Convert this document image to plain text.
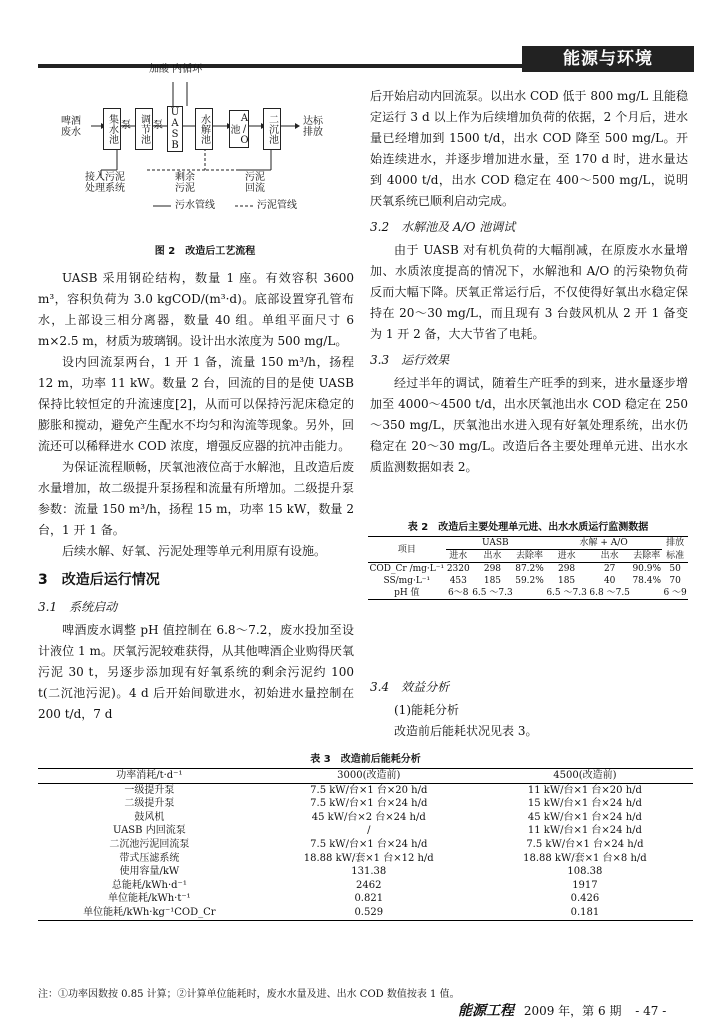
能源与环境
啤酒
废水
加酸 内循环
集水池 泵 调节池 泵 UASB	水解池	A/O池	二沉池	达标
排放
接入污泥
处理系统
剩余
污泥
污泥
回流
污水管线	污泥管线
图 2　改造后工艺流程

UASB 采用钢砼结构，数量 1 座。有效容积 3600 m³，容积负荷为 3.0 kgCOD/(m³·d)。底部设置穿孔管布水，上部设三相分离器，数量 40 组。单组平面尺寸 6 m×2.5 m，材质为玻璃钢。设计出水浓度为 500 mg/L。

设内回流泵两台，1 开 1 备，流量 150 m³/h，扬程 12 m，功率 11 kW。数量 2 台，回流的目的是使 UASB 保持比较恒定的升流速度[2]，从而可以保持污泥床稳定的膨胀和搅动，避免产生配水不均匀和沟流等现象。另外，回流还可以稀释进水 COD 浓度，增强反应器的抗冲击能力。

为保证流程顺畅，厌氧池液位高于水解池，且改造后废水量增加，故二级提升泵扬程和流量有所增加。二级提升泵参数：流量 150 m³/h，扬程 15 m，功率 15 kW，数量 2 台，1 开 1 备。

后续水解、好氧、污泥处理等单元利用原有设施。

3　改造后运行情况

3.1　系统启动

啤酒废水调整 pH 值控制在 6.8～7.2，废水投加至设计液位 1 m。厌氧污泥较难获得，从其他啤酒企业购得厌氧污泥 30 t，另逐步添加现有好氧系统的剩余污泥约 100 t(二沉池污泥)。4 d 后开始间歇进水，初始进水量控制在 200 t/d，7 d

后开始启动内回流泵。以出水 COD 低于 800 mg/L 且能稳定运行 3 d 以上作为后续增加负荷的依据，2 个月后，进水量已经增加到 1500 t/d，出水 COD 降至 500 mg/L。开始连续进水，并逐步增加进水量，至 170 d 时，进水量达到 4000 t/d，出水 COD 稳定在 400～500 mg/L，说明厌氧系统已顺利启动完成。

3.2　水解池及 A/O 池调试

由于 UASB 对有机负荷的大幅削减，在原废水水量增加、水质浓度提高的情况下，水解池和 A/O 的污染物负荷反而大幅下降。厌氧正常运行后，不仅使得好氧出水稳定保持在 20～30 mg/L，而且现有 3 台鼓风机从 2 开 1 备变为 1 开 2 备，大大节省了电耗。

3.3　运行效果

经过半年的调试，随着生产旺季的到来，进水量逐步增加至 4000～4500 t/d，出水厌氧池出水 COD 稳定在 250～350 mg/L，厌氧池出水进入现有好氧处理系统，出水仍稳定在 20～30 mg/L。改造后各主要处理单元进、出水水质监测数据如表 2。

表 2　改造后主要处理单元进、出水水质运行监测数据
项目	UASB			水解 + A/O			排放
	进水	出水	去除率	进水	出水	去除率	标准
COD_Cr /mg·L⁻¹	2320	298	87.2%	298	27	90.9%	50
SS/mg·L⁻¹	453	185	59.2%	185	40	78.4%	70
pH 值	6～8	6.5 ～7.3		6.5 ～7.3	6.8 ～7.5		6 ～9

3.4　效益分析

(1)能耗分析

改造前后能耗状况见表 3。

表 3　改造前后能耗分析
功率消耗/t·d⁻¹	3000(改造前)	4500(改造前)
一级提升泵	7.5 kW/台×1 台×20 h/d	11 kW/台×1 台×20 h/d
二级提升泵	7.5 kW/台×1 台×24 h/d	15 kW/台×1 台×24 h/d
鼓风机	45 kW/台×2 台×24 h/d	45 kW/台×1 台×24 h/d
UASB 内回流泵	/	11 kW/台×1 台×24 h/d
二沉池污泥回流泵	7.5 kW/台×1 台×24 h/d	7.5 kW/台×1 台×24 h/d
带式压滤系统	18.88 kW/套×1 台×12 h/d	18.88 kW/套×1 台×8 h/d
使用容量/kW	131.38	108.38
总能耗/kWh·d⁻¹	2462	1917
单位能耗/kWh·t⁻¹	0.821	0.426
单位能耗/kWh·kg⁻¹COD_Cr	0.529	0.181
注：①功率因数按 0.85 计算；②计算单位能耗时，废水水量及进、出水 COD 数值按表 1 值。
能源工程 2009 年，第 6 期 - 47 -
